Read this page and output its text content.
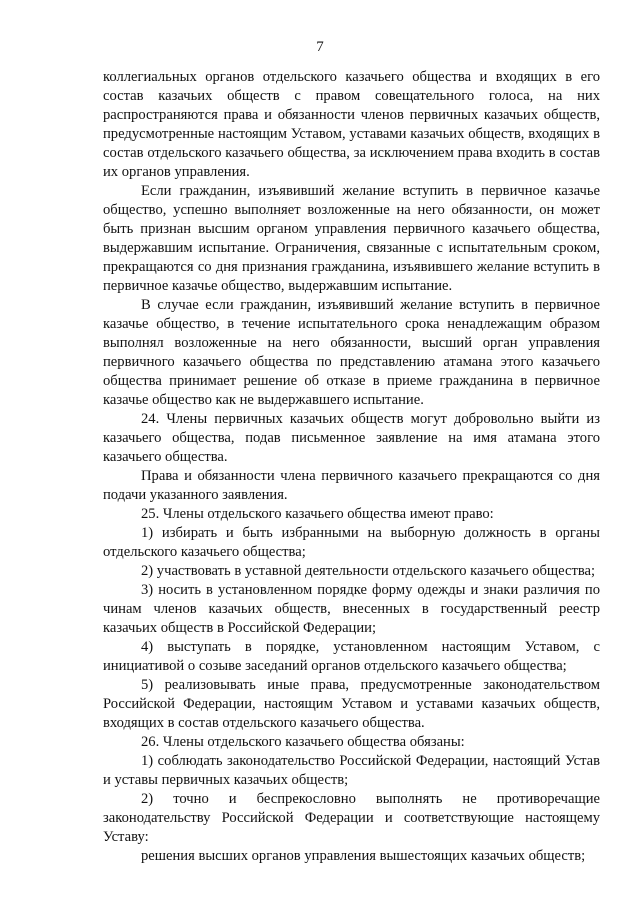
7

коллегиальных органов отдельского казачьего общества и входящих в его состав казачьих обществ с правом совещательного голоса, на них распространяются права и обязанности членов первичных казачьих обществ, предусмотренные настоящим Уставом, уставами казачьих обществ, входящих в состав отдельского казачьего общества, за исключением права входить в состав их органов управления.

Если гражданин, изъявивший желание вступить в первичное казачье общество, успешно выполняет возложенные на него обязанности, он может быть признан высшим органом управления первичного казачьего общества, выдержавшим испытание. Ограничения, связанные с испытательным сроком, прекращаются со дня признания гражданина, изъявившего желание вступить в первичное казачье общество, выдержавшим испытание.

В случае если гражданин, изъявивший желание вступить в первичное казачье общество, в течение испытательного срока ненадлежащим образом выполнял возложенные на него обязанности, высший орган управления первичного казачьего общества по представлению атамана этого казачьего общества принимает решение об отказе в приеме гражданина в первичное казачье общество как не выдержавшего испытание.

24. Члены первичных казачьих обществ могут добровольно выйти из казачьего общества, подав письменное заявление на имя атамана этого казачьего общества.

Права и обязанности члена первичного казачьего прекращаются со дня подачи указанного заявления.

25. Члены отдельского казачьего общества имеют право:

1) избирать и быть избранными на выборную должность в органы отдельского казачьего общества;

2) участвовать в уставной деятельности отдельского казачьего общества;

3) носить в установленном порядке форму одежды и знаки различия по чинам членов казачьих обществ, внесенных в государственный реестр казачьих обществ в Российской Федерации;

4) выступать в порядке, установленном настоящим Уставом, с инициативой о созыве заседаний органов отдельского казачьего общества;

5) реализовывать иные права, предусмотренные законодательством Российской Федерации, настоящим Уставом и уставами казачьих обществ, входящих в состав отдельского казачьего общества.

26. Члены отдельского казачьего общества обязаны:

1) соблюдать законодательство Российской Федерации, настоящий Устав и уставы первичных казачьих обществ;

2) точно и беспрекословно выполнять не противоречащие законодательству Российской Федерации и соответствующие настоящему Уставу:

решения высших органов управления вышестоящих казачьих обществ;
